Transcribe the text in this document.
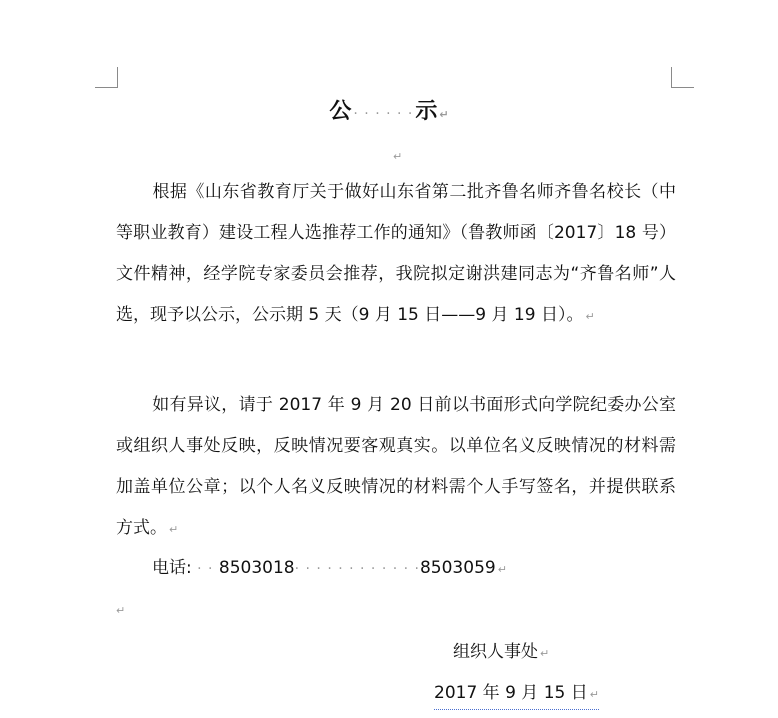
公 · · · · · ·示 ↵
↵
根据《山东省教育厅关于做好山东省第二批齐鲁名师齐鲁名校长（中等职业教育）建设工程人选推荐工作的通知》（鲁教师函〔2017〕18 号）文件精神，经学院专家委员会推荐，我院拟定谢洪建同志为“齐鲁名师”人选，现予以公示，公示期 5 天（9 月 15 日——9 月 19 日）。 ↵
如有异议，请于 2017 年 9 月 20 日前以书面形式向学院纪委办公室或组织人事处反映，反映情况要客观真实。以单位名义反映情况的材料需加盖单位公章；以个人名义反映情况的材料需个人手写签名，并提供联系方式。 ↵
电话: · · 8503018· · · · · · · · · · · ·8503059 ↵
↵
组织人事处 ↵
2017 年 9 月 15 日 ↵
